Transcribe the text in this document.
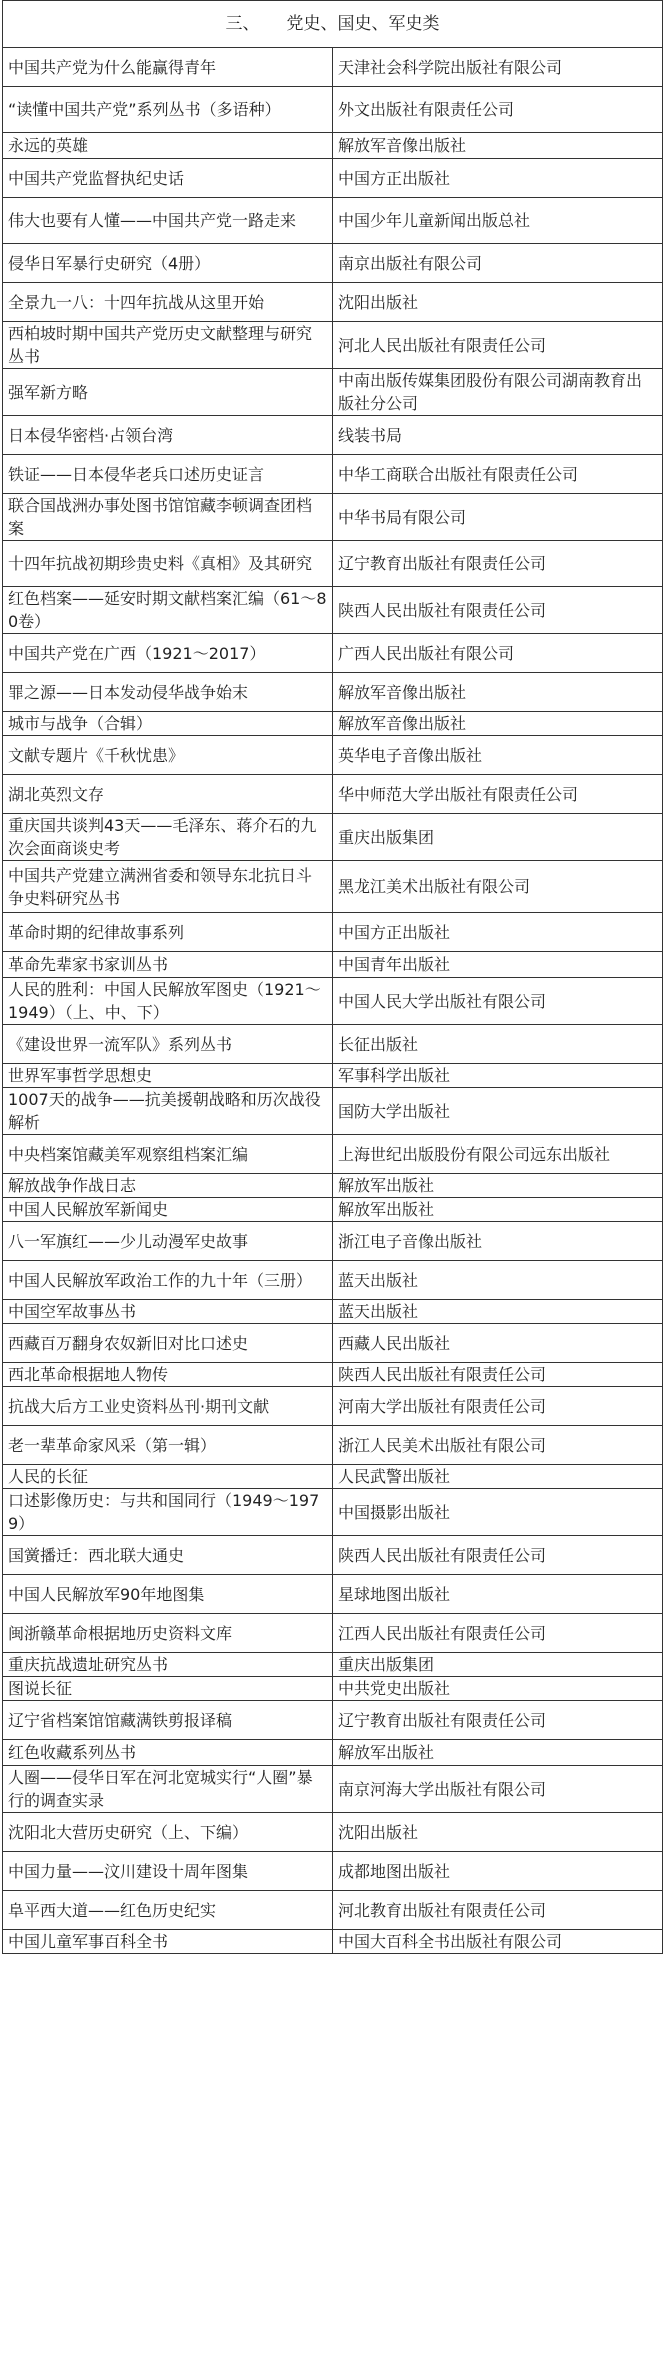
三、 党史、国史、军史类	
中国共产党为什么能赢得青年	天津社会科学院出版社有限公司
“读懂中国共产党”系列丛书（多语种）	外文出版社有限责任公司
永远的英雄	解放军音像出版社
中国共产党监督执纪史话	中国方正出版社
伟大也要有人懂——中国共产党一路走来	中国少年儿童新闻出版总社
侵华日军暴行史研究（4册）	南京出版社有限公司
全景九一八：十四年抗战从这里开始	沈阳出版社
西柏坡时期中国共产党历史文献整理与研究丛书	河北人民出版社有限责任公司
强军新方略	中南出版传媒集团股份有限公司湖南教育出版社分公司
日本侵华密档·占领台湾	线装书局
铁证——日本侵华老兵口述历史证言	中华工商联合出版社有限责任公司
联合国战洲办事处图书馆馆藏李顿调查团档案	中华书局有限公司
十四年抗战初期珍贵史料《真相》及其研究	辽宁教育出版社有限责任公司
红色档案——延安时期文献档案汇编（61～80卷）	陕西人民出版社有限责任公司
中国共产党在广西（1921～2017）	广西人民出版社有限公司
罪之源——日本发动侵华战争始末	解放军音像出版社
城市与战争（合辑）	解放军音像出版社
文献专题片《千秋忧患》	英华电子音像出版社
湖北英烈文存	华中师范大学出版社有限责任公司
重庆国共谈判43天——毛泽东、蒋介石的九次会面商谈史考	重庆出版集团
中国共产党建立满洲省委和领导东北抗日斗争史料研究丛书	黑龙江美术出版社有限公司
革命时期的纪律故事系列	中国方正出版社
革命先辈家书家训丛书	中国青年出版社
人民的胜利：中国人民解放军图史（1921～1949）（上、中、下）	中国人民大学出版社有限公司
《建设世界一流军队》系列丛书	长征出版社
世界军事哲学思想史	军事科学出版社
1007天的战争——抗美援朝战略和历次战役解析	国防大学出版社
中央档案馆藏美军观察组档案汇编	上海世纪出版股份有限公司远东出版社
解放战争作战日志	解放军出版社
中国人民解放军新闻史	解放军出版社
八一军旗红——少儿动漫军史故事	浙江电子音像出版社
中国人民解放军政治工作的九十年（三册）	蓝天出版社
中国空军故事丛书	蓝天出版社
西藏百万翻身农奴新旧对比口述史	西藏人民出版社
西北革命根据地人物传	陕西人民出版社有限责任公司
抗战大后方工业史资料丛刊·期刊文献	河南大学出版社有限责任公司
老一辈革命家风采（第一辑）	浙江人民美术出版社有限公司
人民的长征	人民武警出版社
口述影像历史：与共和国同行（1949～1979）	中国摄影出版社
国黉播迁：西北联大通史	陕西人民出版社有限责任公司
中国人民解放军90年地图集	星球地图出版社
闽浙赣革命根据地历史资料文库	江西人民出版社有限责任公司
重庆抗战遗址研究丛书	重庆出版集团
图说长征	中共党史出版社
辽宁省档案馆馆藏满铁剪报译稿	辽宁教育出版社有限责任公司
红色收藏系列丛书	解放军出版社
人圈——侵华日军在河北宽城实行“人圈”暴行的调查实录	南京河海大学出版社有限公司
沈阳北大营历史研究（上、下编）	沈阳出版社
中国力量——汶川建设十周年图集	成都地图出版社
阜平西大道——红色历史纪实	河北教育出版社有限责任公司
中国儿童军事百科全书	中国大百科全书出版社有限公司
